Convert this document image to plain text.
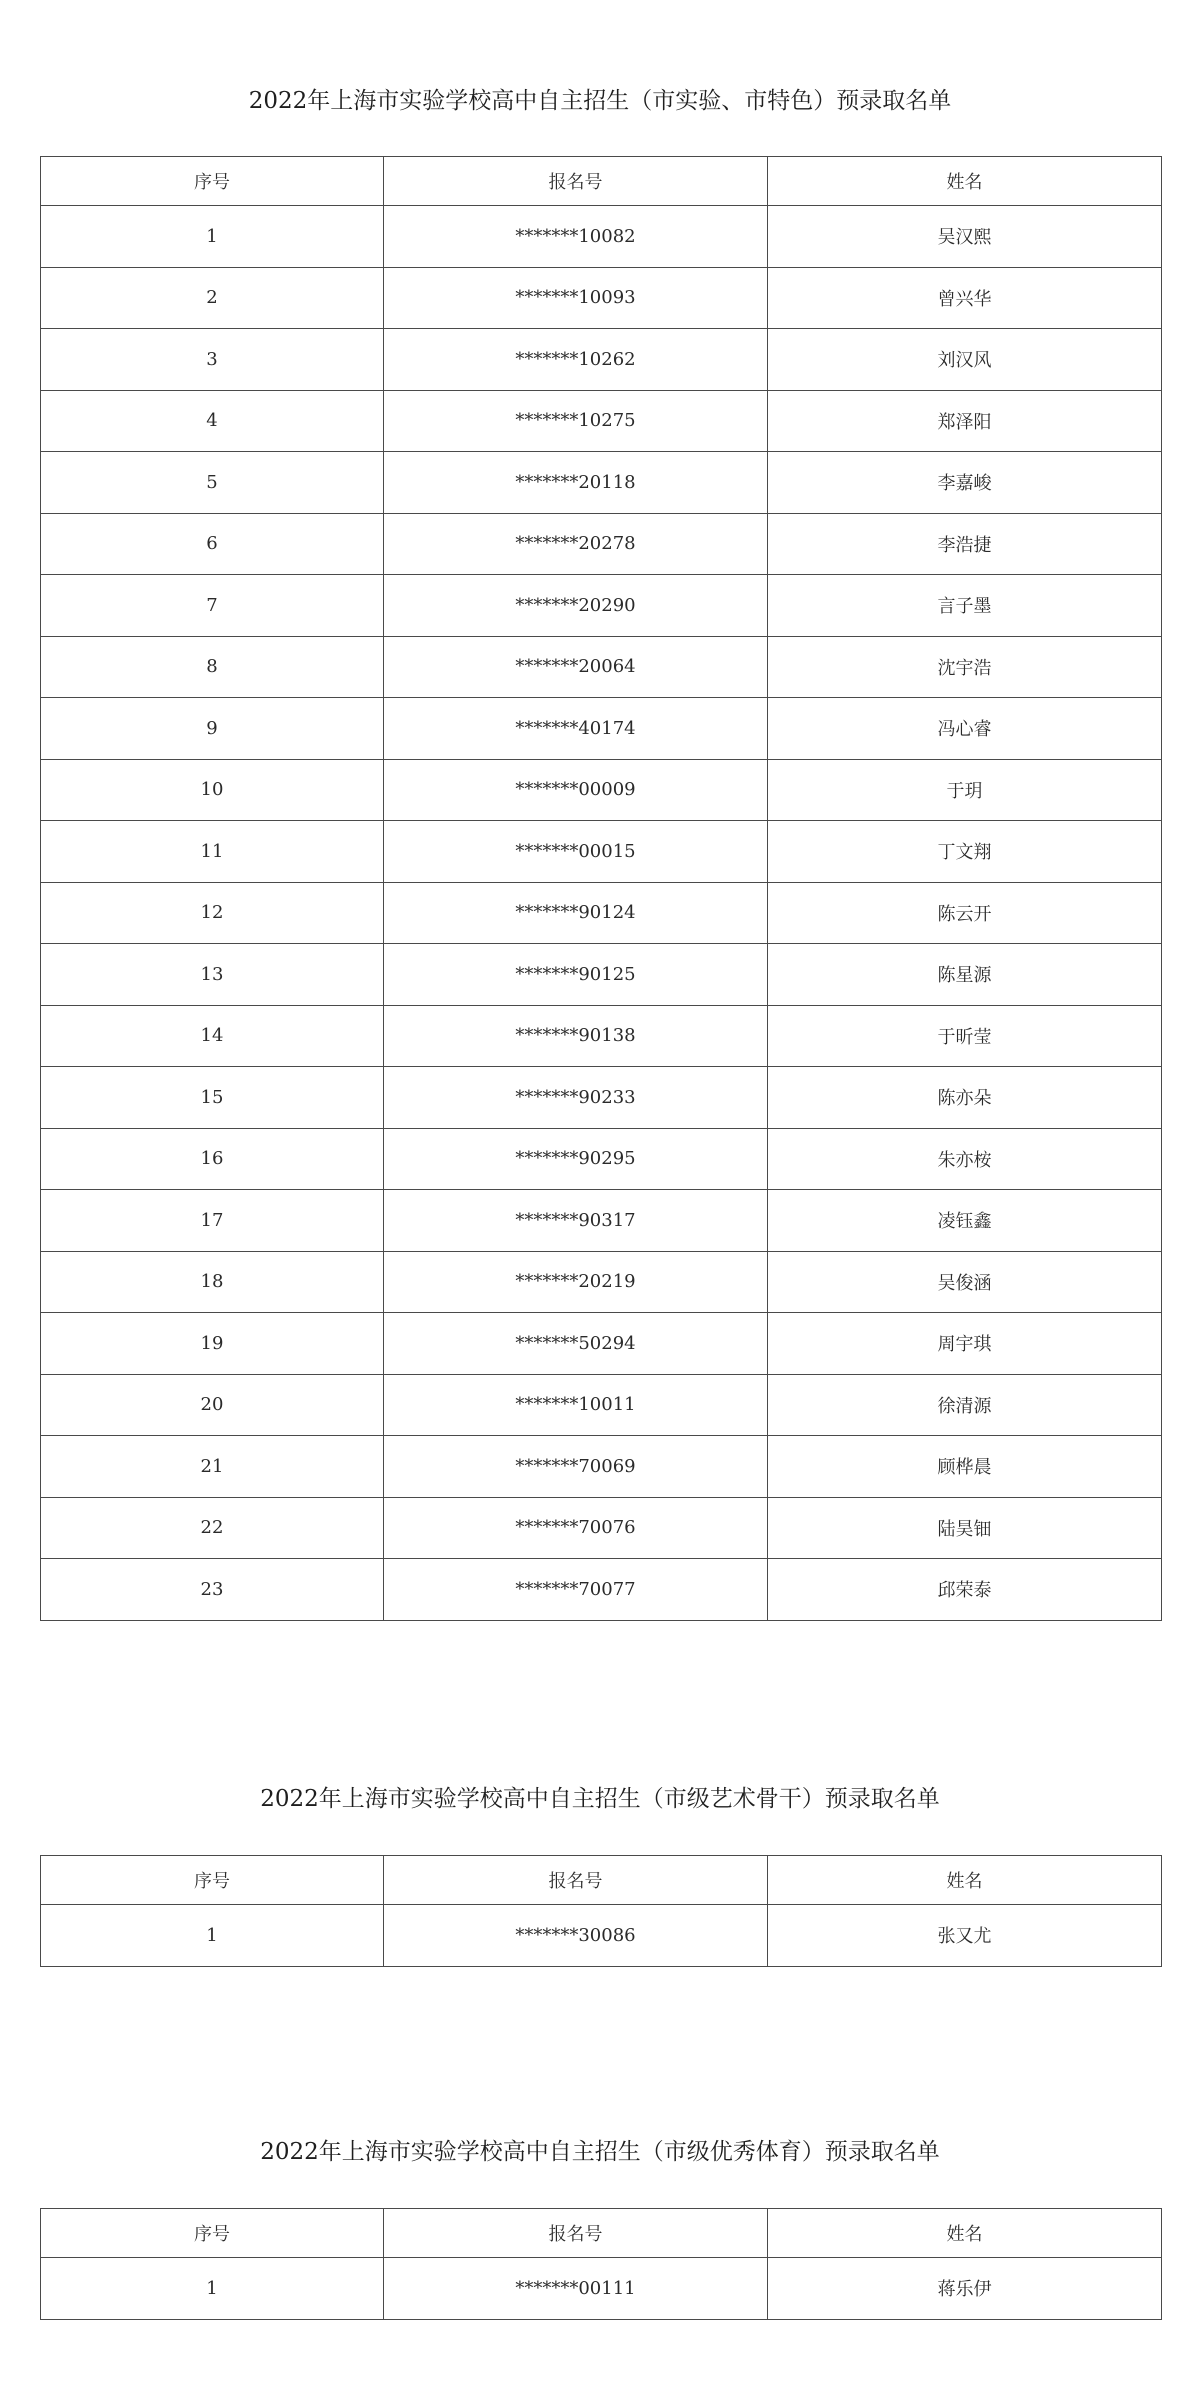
2022年上海市实验学校高中自主招生（市实验、市特色）预录取名单
序号	报名号	姓名
1	*******10082	吴汉熙
2	*******10093	曾兴华
3	*******10262	刘汉风
4	*******10275	郑泽阳
5	*******20118	李嘉峻
6	*******20278	李浩捷
7	*******20290	言子墨
8	*******20064	沈宇浩
9	*******40174	冯心睿
10	*******00009	于玥
11	*******00015	丁文翔
12	*******90124	陈云开
13	*******90125	陈星源
14	*******90138	于昕莹
15	*******90233	陈亦朵
16	*******90295	朱亦桉
17	*******90317	凌钰鑫
18	*******20219	吴俊涵
19	*******50294	周宇琪
20	*******10011	徐清源
21	*******70069	顾桦晨
22	*******70076	陆昊钿
23	*******70077	邱荣泰
2022年上海市实验学校高中自主招生（市级艺术骨干）预录取名单
序号	报名号	姓名
1	*******30086	张又尤
2022年上海市实验学校高中自主招生（市级优秀体育）预录取名单
序号	报名号	姓名
1	*******00111	蒋乐伊
